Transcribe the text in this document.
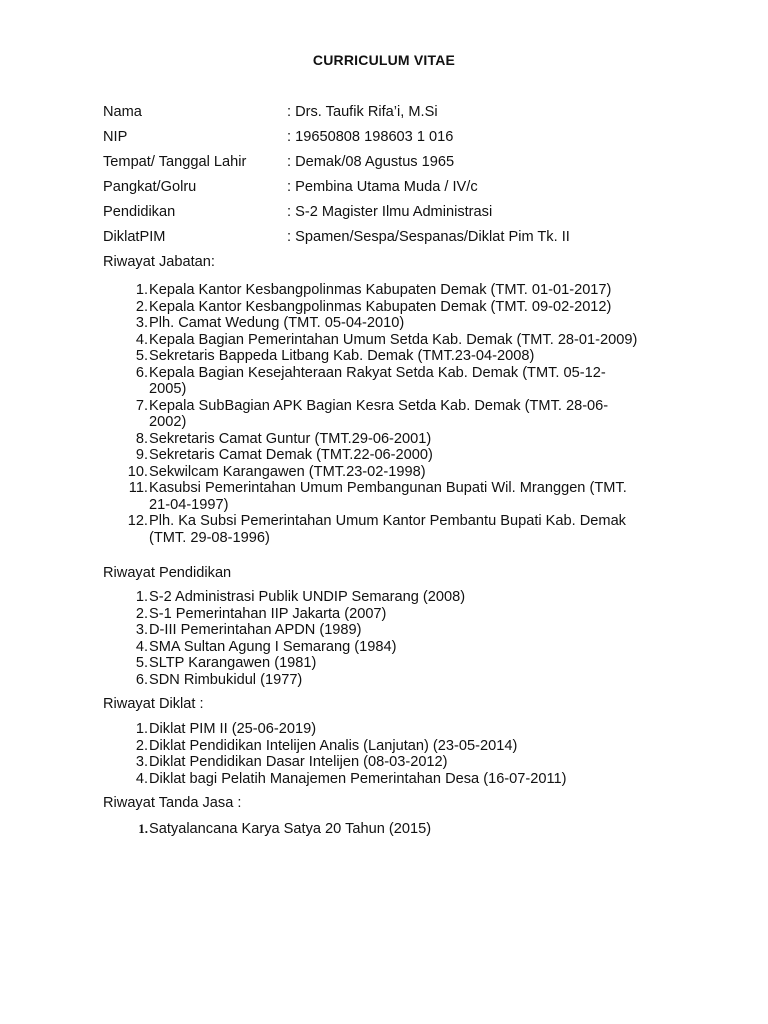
CURRICULUM VITAE
Nama	: Drs. Taufik Rifa’i, M.Si
NIP	: 19650808 198603 1 016
Tempat/ Tanggal Lahir	: Demak/08 Agustus 1965
Pangkat/Golru	: Pembina Utama Muda / IV/c
Pendidikan	: S-2 Magister Ilmu Administrasi
DiklatPIM	: Spamen/Sespa/Sespanas/Diklat Pim Tk. II
Riwayat Jabatan:
1. Kepala Kantor Kesbangpolinmas Kabupaten Demak (TMT. 01-01-2017)
2. Kepala Kantor Kesbangpolinmas Kabupaten Demak (TMT. 09-02-2012)
3. Plh. Camat Wedung (TMT. 05-04-2010)
4. Kepala Bagian Pemerintahan Umum Setda Kab. Demak (TMT. 28-01-2009)
5. Sekretaris Bappeda Litbang Kab. Demak (TMT.23-04-2008)
6. Kepala Bagian Kesejahteraan Rakyat Setda Kab. Demak (TMT. 05-12-2005)
7. Kepala SubBagian APK Bagian Kesra Setda Kab. Demak (TMT. 28-06-2002)
8. Sekretaris Camat Guntur (TMT.29-06-2001)
9. Sekretaris Camat Demak (TMT.22-06-2000)
10. Sekwilcam Karangawen (TMT.23-02-1998)
11. Kasubsi Pemerintahan Umum Pembangunan Bupati Wil. Mranggen (TMT. 21-04-1997)
12. Plh. Ka Subsi Pemerintahan Umum Kantor Pembantu Bupati Kab. Demak (TMT. 29-08-1996)
Riwayat Pendidikan
1. S-2 Administrasi Publik UNDIP Semarang (2008)
2. S-1 Pemerintahan IIP Jakarta (2007)
3. D-III Pemerintahan APDN (1989)
4. SMA Sultan Agung I Semarang (1984)
5. SLTP Karangawen (1981)
6. SDN Rimbukidul (1977)
Riwayat Diklat :
1. Diklat PIM II (25-06-2019)
2. Diklat Pendidikan Intelijen Analis (Lanjutan) (23-05-2014)
3. Diklat Pendidikan Dasar Intelijen (08-03-2012)
4. Diklat bagi Pelatih Manajemen Pemerintahan Desa (16-07-2011)
Riwayat Tanda Jasa :
1. Satyalancana Karya Satya 20 Tahun (2015)
